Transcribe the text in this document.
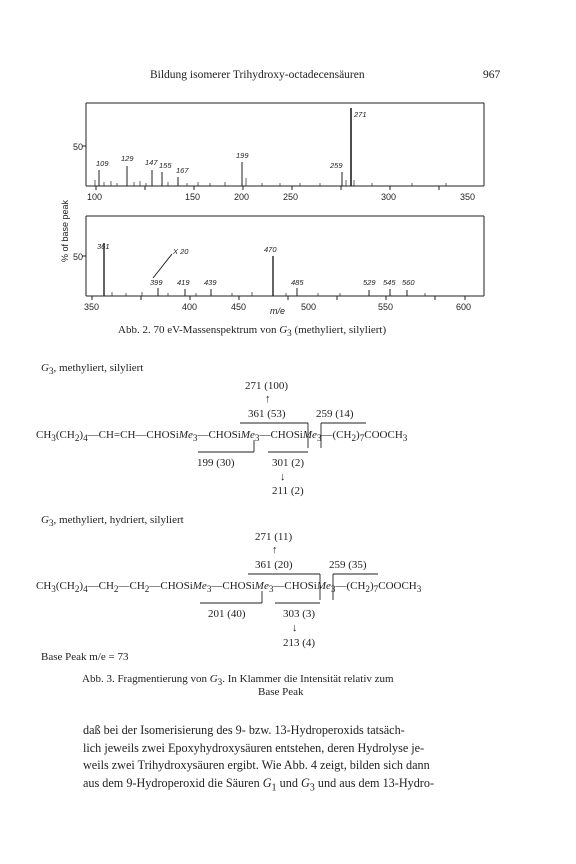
Bildung isomerer Trihydroxy-octadecensäuren	967
% of base peak
50
50
109
129 147 155
167
199
259
271
100	150	200	250	300	350
X 20
361
399 419 439
470
485	529 545 560
350	400	450	500	550	600
m/e
Abb. 2. 70 eV-Massenspektrum von $G_3$ (methyliert, silyliert)
$G_3$, methyliert, silyliert
271 (100)
↑
361 (53)	259 (14)
$CH_3(CH_2)_4—CH=CH—CHOSiMe_3—CHOSiMe_3—CHOSiMe_3—(CH_2)_7COOCH_3$
199 (30)	301 (2)
↓
211 (2)
$G_3$, methyliert, hydriert, silyliert
271 (11)
↑
361 (20)	259 (35)
$CH_3(CH_2)_4—CH_2—CH_2—CHOSiMe_3—CHOSiMe_3—CHOSiMe_3—(CH_2)_7COOCH_3$
201 (40)	303 (3)
↓
213 (4)
Base Peak m/e = 73
Abb. 3. Fragmentierung von $G_3$. In Klammer die Intensität relativ zum
Base Peak
daß bei der Isomerisierung des 9- bzw. 13-Hydroperoxids tatsäch-
lich jeweils zwei Epoxyhydroxysäuren entstehen, deren Hydrolyse je-
weils zwei Trihydroxysäuren ergibt. Wie Abb. 4 zeigt, bilden sich dann
aus dem 9-Hydroperoxid die Säuren $G_1$ und $G_3$ und aus dem 13-Hydro-
